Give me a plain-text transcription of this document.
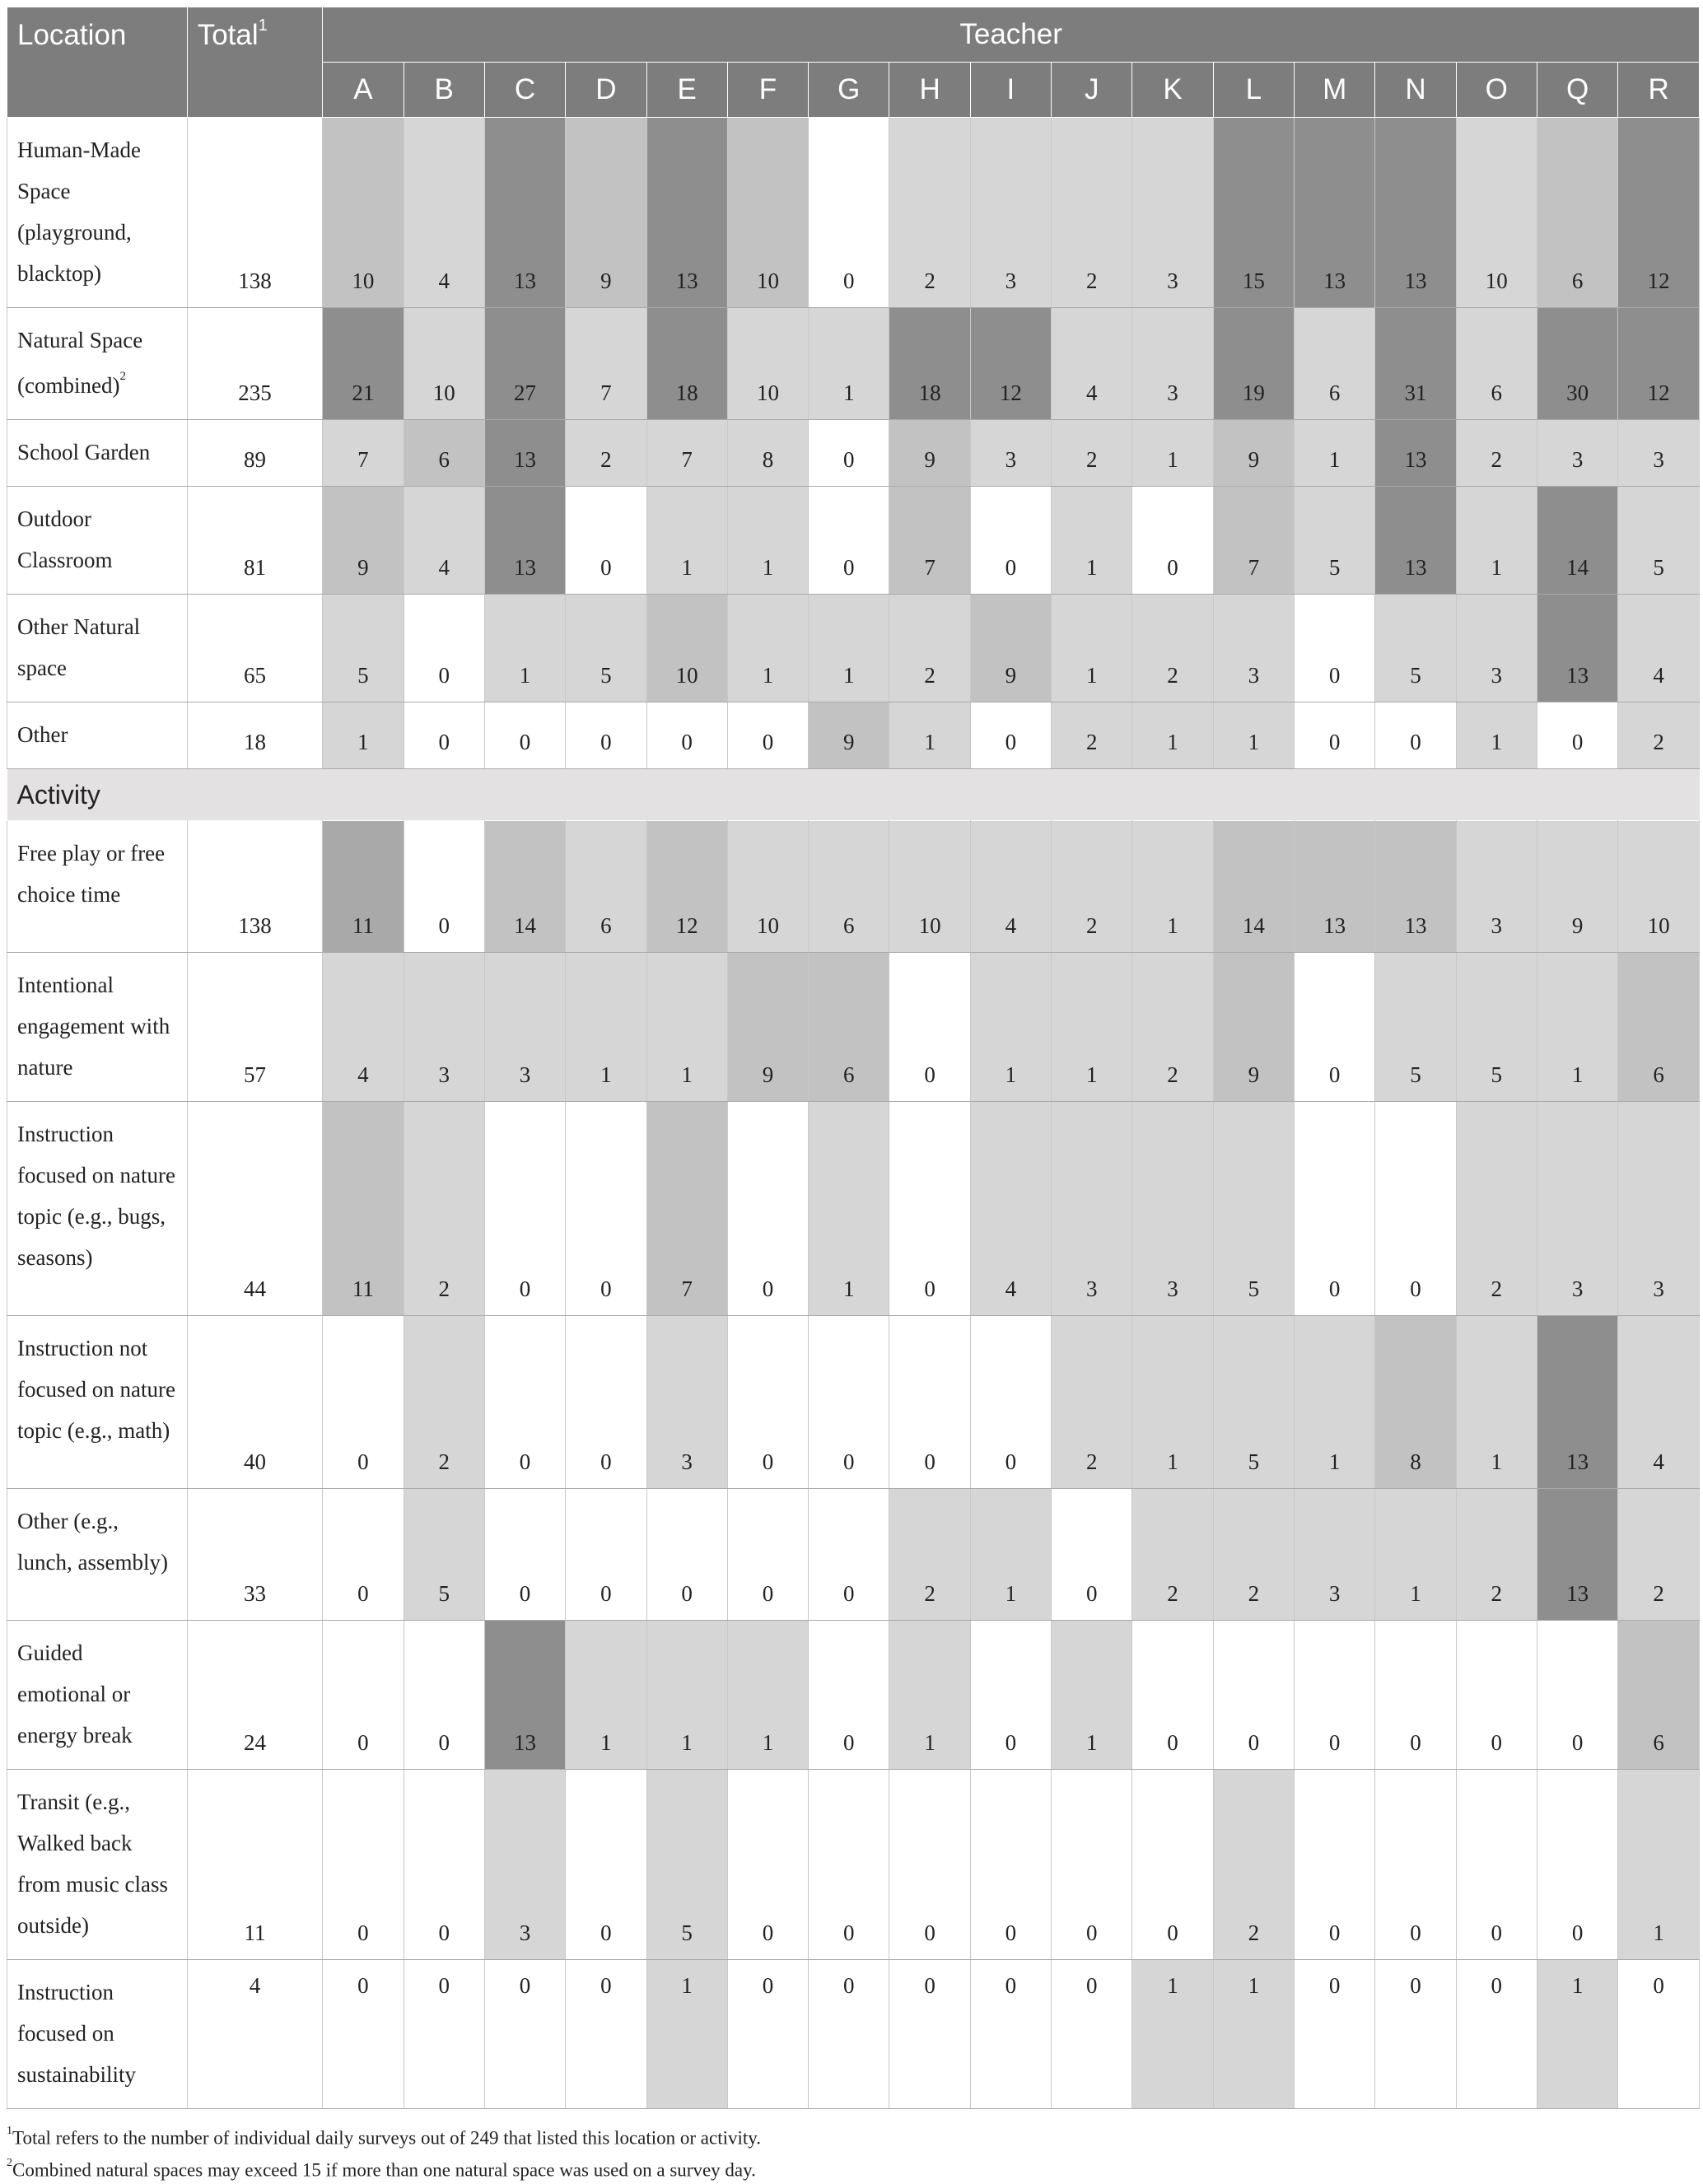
Location	Total$^1$	Teacher																
		A	B	C	D	E	F	G	H	I	J	K	L	M	N	O	Q	R
Human-Made Space (playground, blacktop)	138	10	4	13	9	13	10	0	2	3	2	3	15	13	13	10	6	12
Natural Space (combined)$^2$	235	21	10	27	7	18	10	1	18	12	4	3	19	6	31	6	30	12
School Garden	89	7	6	13	2	7	8	0	9	3	2	1	9	1	13	2	3	3
Outdoor Classroom	81	9	4	13	0	1	1	0	7	0	1	0	7	5	13	1	14	5
Other Natural space	65	5	0	1	5	10	1	1	2	9	1	2	3	0	5	3	13	4
Other	18	1	0	0	0	0	0	9	1	0	2	1	1	0	0	1	0	2
Activity																		
Free play or free choice time	138	11	0	14	6	12	10	6	10	4	2	1	14	13	13	3	9	10
Intentional engagement with nature	57	4	3	3	1	1	9	6	0	1	1	2	9	0	5	5	1	6
Instruction focused on nature topic (e.g., bugs, seasons)	44	11	2	0	0	7	0	1	0	4	3	3	5	0	0	2	3	3
Instruction not focused on nature topic (e.g., math)	40	0	2	0	0	3	0	0	0	0	2	1	5	1	8	1	13	4
Other (e.g., lunch, assembly)	33	0	5	0	0	0	0	0	2	1	0	2	2	3	1	2	13	2
Guided emotional or energy break	24	0	0	13	1	1	1	0	1	0	1	0	0	0	0	0	0	6
Transit (e.g., Walked back from music class outside)	11	0	0	3	0	5	0	0	0	0	0	0	2	0	0	0	0	1
Instruction focused on sustainability	4	0	0	0	0	1	0	0	0	0	0	1	1	0	0	0	1	0
$^1$Total refers to the number of individual daily surveys out of 249 that listed this location or activity.
$^2$Combined natural spaces may exceed 15 if more than one natural space was used on a survey day.
